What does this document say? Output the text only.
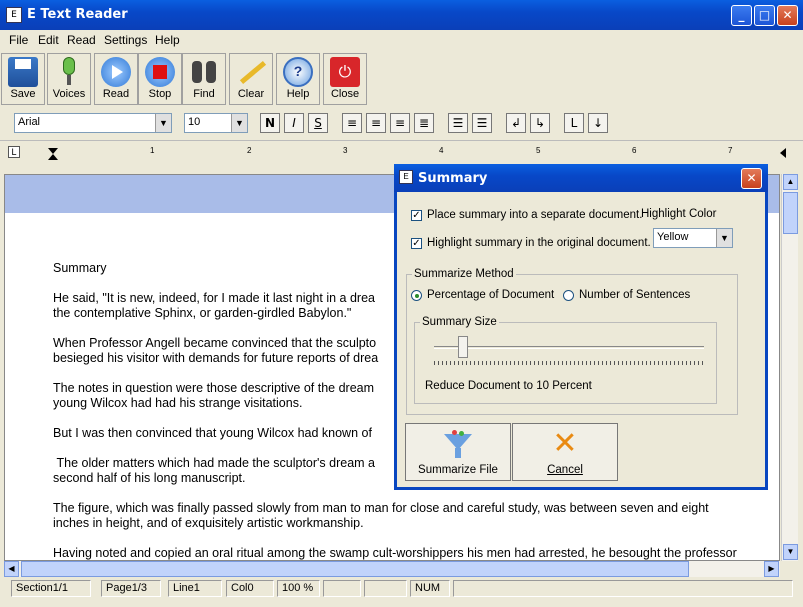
E E Text Reader	_	□	✕
File Edit Read Settings Help
Save	Voices	Read	Stop	Find	Clear
?
Help
⏻
Close
Arial	▼	10	▼	N	I	S	≡	≡	≡	≣	☰	☰	↲	↳	L	↓
L	1	2	3	4	5	6	7

Summary

He said, "It is new, indeed, for I made it last night in a drea
the contemplative Sphinx, or garden-girdled Babylon."

When Professor Angell became convinced that the sculpto
besieged his visitor with demands for future reports of drea

The notes in question were those descriptive of the dream
young Wilcox had had his strange visitations.

But I was then convinced that young Wilcox had known of

The older matters which had made the sculptor's dream a
second half of his long manuscript.

The figure, which was finally passed slowly from man to man for close and careful study, was between seven and eight
inches in height, and of exquisitely artistic workmanship.

Having noted and copied an oral ritual among the swamp cult-worshippers his men had arrested, he besought the professor

▲
▼
◀	▶
Section1/1	Page1/3	Line1	Col0	100 %	NUM
E Summary	✕
✓ Place summary into a separate document.
Highlight Color
✓ Highlight summary in the original document. Yellow	▼
Summarize Method
Percentage of Document Number of Sentences
Summary Size
Reduce Document to 10 Percent
Summarize File
✕
Cancel
